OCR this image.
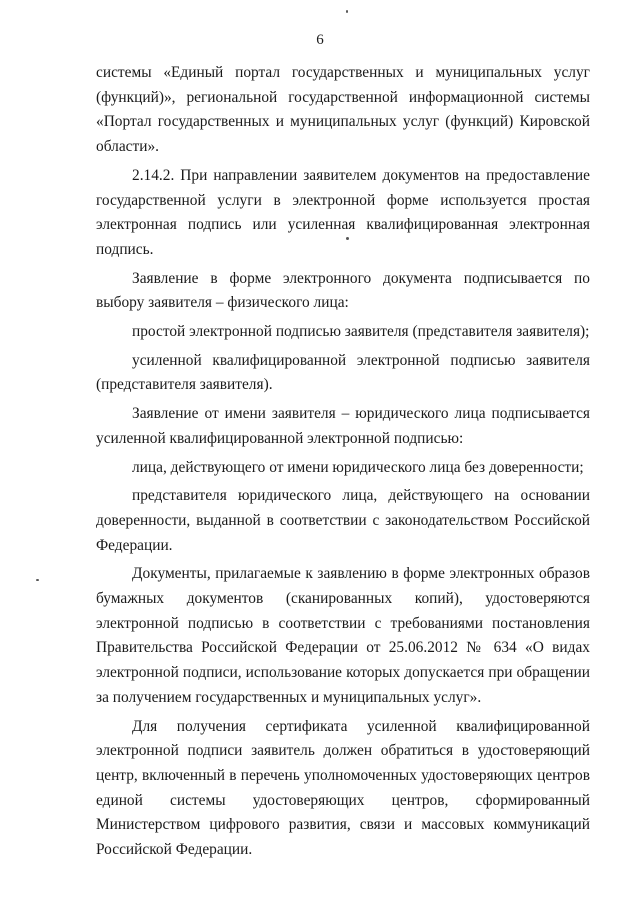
6

системы «Единый портал государственных и муниципальных услуг (функций)», региональной государственной информационной системы «Портал государственных и муниципальных услуг (функций) Кировской области».

2.14.2. При направлении заявителем документов на предоставление государственной услуги в электронной форме используется простая электронная подпись или усиленная квалифицированная электронная подпись.

Заявление в форме электронного документа подписывается по выбору заявителя – физического лица:

простой электронной подписью заявителя (представителя заявителя);

усиленной квалифицированной электронной подписью заявителя (представителя заявителя).

Заявление от имени заявителя – юридического лица подписывается усиленной квалифицированной электронной подписью:

лица, действующего от имени юридического лица без доверенности;

представителя юридического лица, действующего на основании доверенности, выданной в соответствии с законодательством Российской Федерации.

Документы, прилагаемые к заявлению в форме электронных образов бумажных документов (сканированных копий), удостоверяются электронной подписью в соответствии с требованиями постановления Правительства Российской Федерации от 25.06.2012 № 634 «О видах электронной подписи, использование которых допускается при обращении за получением государственных и муниципальных услуг».

Для получения сертификата усиленной квалифицированной электронной подписи заявитель должен обратиться в удостоверяющий центр, включенный в перечень уполномоченных удостоверяющих центров единой системы удостоверяющих центров, сформированный Министерством цифрового развития, связи и массовых коммуникаций Российской Федерации.
